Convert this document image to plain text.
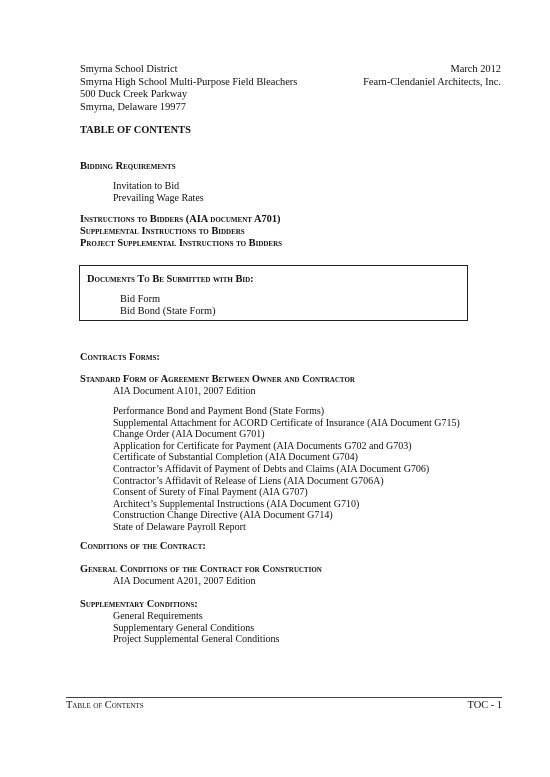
Smyrna School District
Smyrna High School Multi-Purpose Field Bleachers
500 Duck Creek Parkway
Smyrna, Delaware 19977
March 2012
Fearn-Clendaniel Architects, Inc.
TABLE OF CONTENTS
Bidding Requirements
Invitation to Bid
Prevailing Wage Rates
Instructions to Bidders (AIA document A701)
Supplemental Instructions to Bidders
Project Supplemental Instructions to Bidders
Documents To Be Submitted with Bid:
Bid Form
Bid Bond (State Form)
Contracts Forms:
Standard Form of Agreement Between Owner and Contractor
AIA Document A101, 2007 Edition
Performance Bond and Payment Bond (State Forms)
Supplemental Attachment for ACORD Certificate of Insurance (AIA Document G715)
Change Order (AIA Document G701)
Application for Certificate for Payment (AIA Documents G702 and G703)
Certificate of Substantial Completion (AIA Document G704)
Contractor’s Affidavit of Payment of Debts and Claims (AIA Document G706)
Contractor’s Affidavit of Release of Liens (AIA Document G706A)
Consent of Surety of Final Payment (AIA G707)
Architect’s Supplemental Instructions (AIA Document G710)
Construction Change Directive (AIA Document G714)
State of Delaware Payroll Report
Conditions of the Contract:
General Conditions of the Contract for Construction
AIA Document A201, 2007 Edition
Supplementary Conditions:
General Requirements
Supplementary General Conditions
Project Supplemental General Conditions
Table of Contents	TOC - 1
